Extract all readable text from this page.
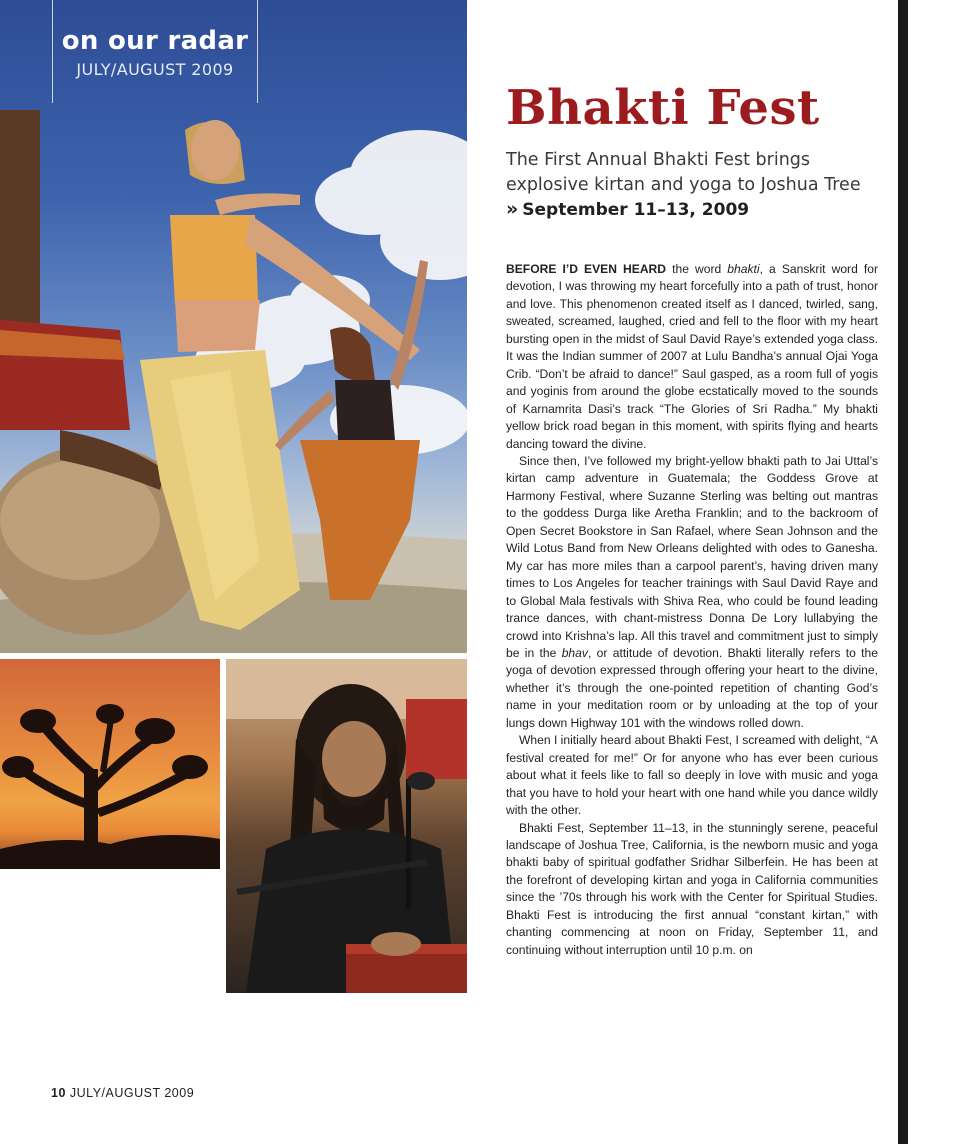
on our radar
JULY/AUGUST 2009
Bhakti Fest

The First Annual Bhakti Fest brings explosive kirtan and yoga to Joshua Tree

» September 11–13, 2009

BEFORE I’D EVEN HEARD the word bhakti, a Sanskrit word for devotion, I was throwing my heart forcefully into a path of trust, honor and love. This phenomenon created itself as I danced, twirled, sang, sweated, screamed, laughed, cried and fell to the floor with my heart bursting open in the midst of Saul David Raye’s extended yoga class. It was the Indian summer of 2007 at Lulu Bandha’s annual Ojai Yoga Crib. “Don’t be afraid to dance!” Saul gasped, as a room full of yogis and yoginis from around the globe ecstatically moved to the sounds of Karnamrita Dasi’s track “The Glories of Sri Radha.” My bhakti yellow brick road began in this moment, with spirits flying and hearts dancing toward the divine.

Since then, I’ve followed my bright-yellow bhakti path to Jai Uttal’s kirtan camp adventure in Guatemala; the Goddess Grove at Harmony Festival, where Suzanne Sterling was belting out mantras to the goddess Durga like Aretha Franklin; and to the backroom of Open Secret Bookstore in San Rafael, where Sean Johnson and the Wild Lotus Band from New Orleans delighted with odes to Ganesha. My car has more miles than a carpool parent’s, having driven many times to Los Angeles for teacher trainings with Saul David Raye and to Global Mala festivals with Shiva Rea, who could be found leading trance dances, with chant-mistress Donna De Lory lullabying the crowd into Krishna’s lap. All this travel and commitment just to simply be in the bhav, or attitude of devotion. Bhakti literally refers to the yoga of devotion expressed through offering your heart to the divine, whether it’s through the one-pointed repetition of chanting God’s name in your meditation room or by unloading at the top of your lungs down Highway 101 with the windows rolled down.

When I initially heard about Bhakti Fest, I screamed with delight, “A festival created for me!” Or for anyone who has ever been curious about what it feels like to fall so deeply in love with music and yoga that you have to hold your heart with one hand while you dance wildly with the other.

Bhakti Fest, September 11–13, in the stunningly serene, peaceful landscape of Joshua Tree, California, is the newborn music and yoga bhakti baby of spiritual godfather Sridhar Silberfein. He has been at the forefront of developing kirtan and yoga in California communities since the ’70s through his work with the Center for Spiritual Studies. Bhakti Fest is introducing the first annual “constant kirtan,” with chanting commencing at noon on Friday, September 11, and continuing without interruption until 10 p.m. on

10 JULY/AUGUST 2009
